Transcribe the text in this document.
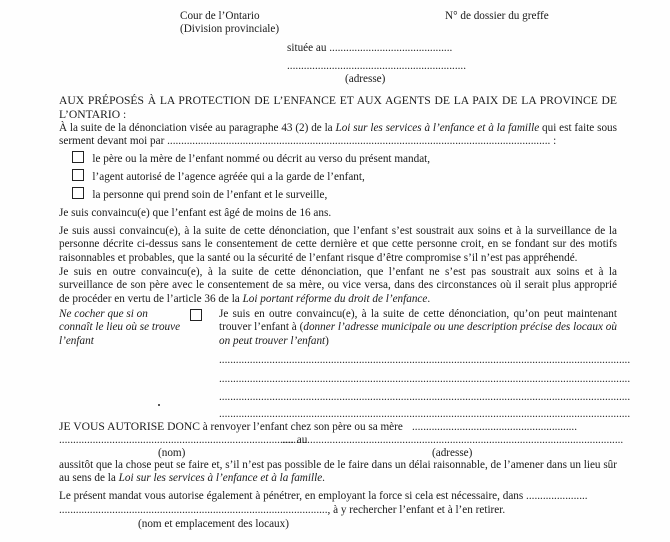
Cour de l’Ontario
(Division provinciale)
N° de dossier du greffe
située au ............................................
................................................................
(adresse)
AUX PRÉPOSÉS À LA PROTECTION DE L’ENFANCE ET AUX AGENTS DE LA PAIX DE LA PROVINCE DE L’ONTARIO :
À la suite de la dénonciation visée au paragraphe 43 (2) de la Loi sur les services à l’enfance et à la famille qui est faite sous serment devant moi par ......................................................................................................................................... :
le père ou la mère de l’enfant nommé ou décrit au verso du présent mandat,
l’agent autorisé de l’agence agréée qui a la garde de l’enfant,
la personne qui prend soin de l’enfant et le surveille,
Je suis convaincu(e) que l’enfant est âgé de moins de 16 ans.
Je suis aussi convaincu(e), à la suite de cette dénonciation, que l’enfant s’est soustrait aux soins et à la surveillance de la personne décrite ci-dessus sans le consentement de cette dernière et que cette personne croit, en se fondant sur des motifs raisonnables et probables, que la santé ou la sécurité de l’enfant risque d’être compromise s’il n’est pas appréhendé.
Je suis en outre convaincu(e), à la suite de cette dénonciation, que l’enfant ne s’est pas soustrait aux soins et à la surveillance de son père avec le consentement de sa mère, ou vice versa, dans des circonstances où il serait plus approprié de procéder en vertu de l’article 36 de la Loi portant réforme du droit de l’enfance.
Ne cocher que si on connaît le lieu où se trouve l’enfant
Je suis en outre convaincu(e), à la suite de cette dénonciation, qu’on peut maintenant trouver l’enfant à (donner l’adresse municipale ou une description précise des locaux où on peut trouver l’enfant)
...................................................................................................................................................
...................................................................................................................................................
...................................................................................................................................................
...................................................................................................................................................
JE VOUS AUTORISE DONC à renvoyer l’enfant chez son père ou sa mère ...........................................................
.................................................................................... au
..........................................................................................................................
(nom)	(adresse)
aussitôt que la chose peut se faire et, s’il n’est pas possible de le faire dans un délai raisonnable, de l’amener dans un lieu sûr au sens de la Loi sur les services à l’enfance et à la famille.
Le présent mandat vous autorise également à pénétrer, en employant la force si cela est nécessaire, dans ......................
................................................................................................, à y rechercher l’enfant et à l’en retirer.
(nom et emplacement des locaux)
